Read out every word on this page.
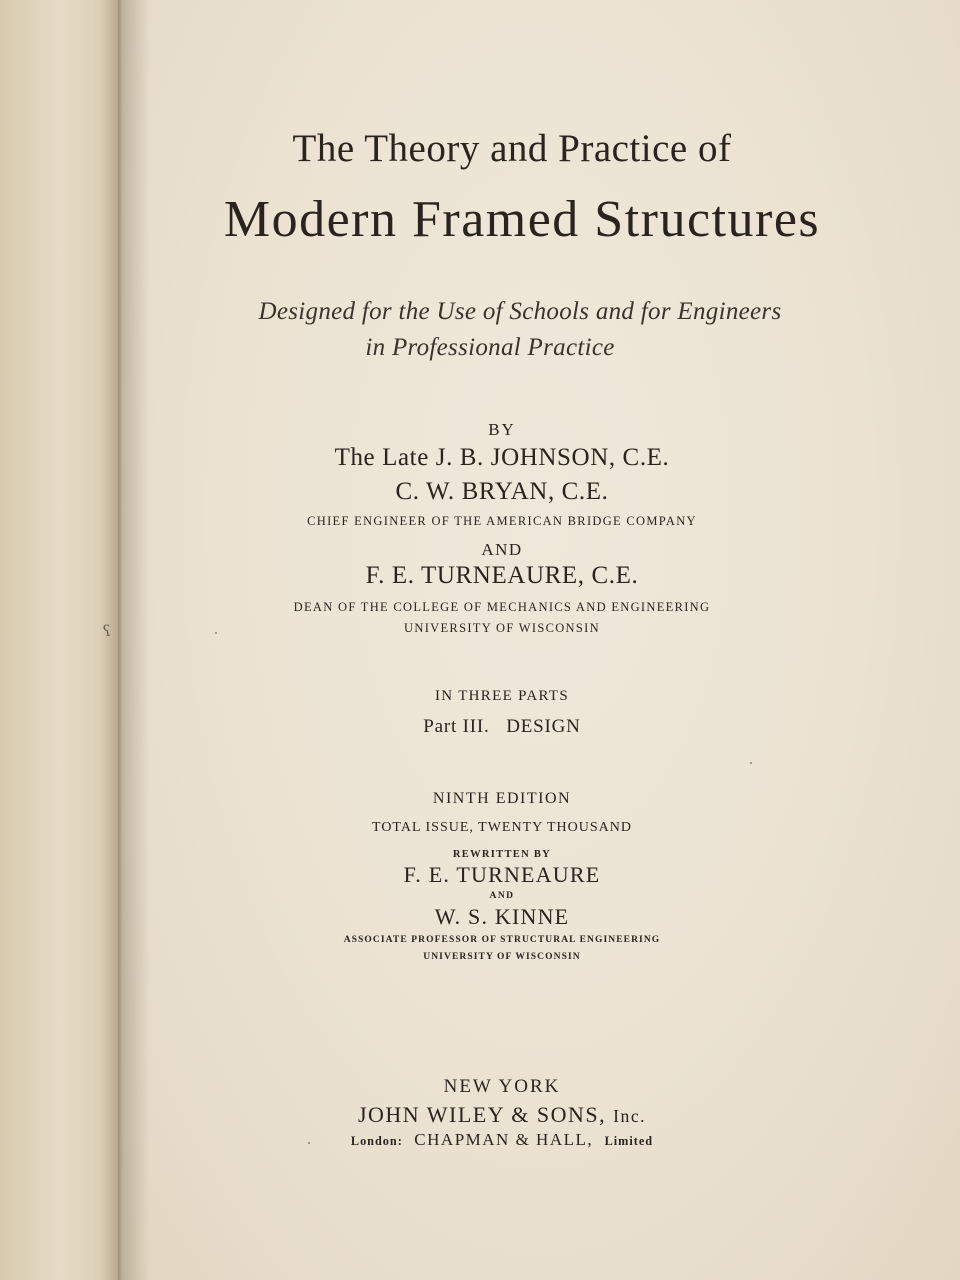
ʕ
The Theory and Practice of
Modern Framed Structures
Designed for the Use of Schools and for Engineers
in Professional Practice
BY
The Late J. B. JOHNSON, C.E.
C. W. BRYAN, C.E.
CHIEF ENGINEER OF THE AMERICAN BRIDGE COMPANY
AND
F. E. TURNEAURE, C.E.
DEAN OF THE COLLEGE OF MECHANICS AND ENGINEERING
UNIVERSITY OF WISCONSIN
IN THREE PARTS
Part III. DESIGN
NINTH EDITION
TOTAL ISSUE, TWENTY THOUSAND
REWRITTEN BY
F. E. TURNEAURE
AND
W. S. KINNE
ASSOCIATE PROFESSOR OF STRUCTURAL ENGINEERING
UNIVERSITY OF WISCONSIN
NEW YORK
JOHN WILEY & SONS, Inc.
London: CHAPMAN & HALL, Limited
